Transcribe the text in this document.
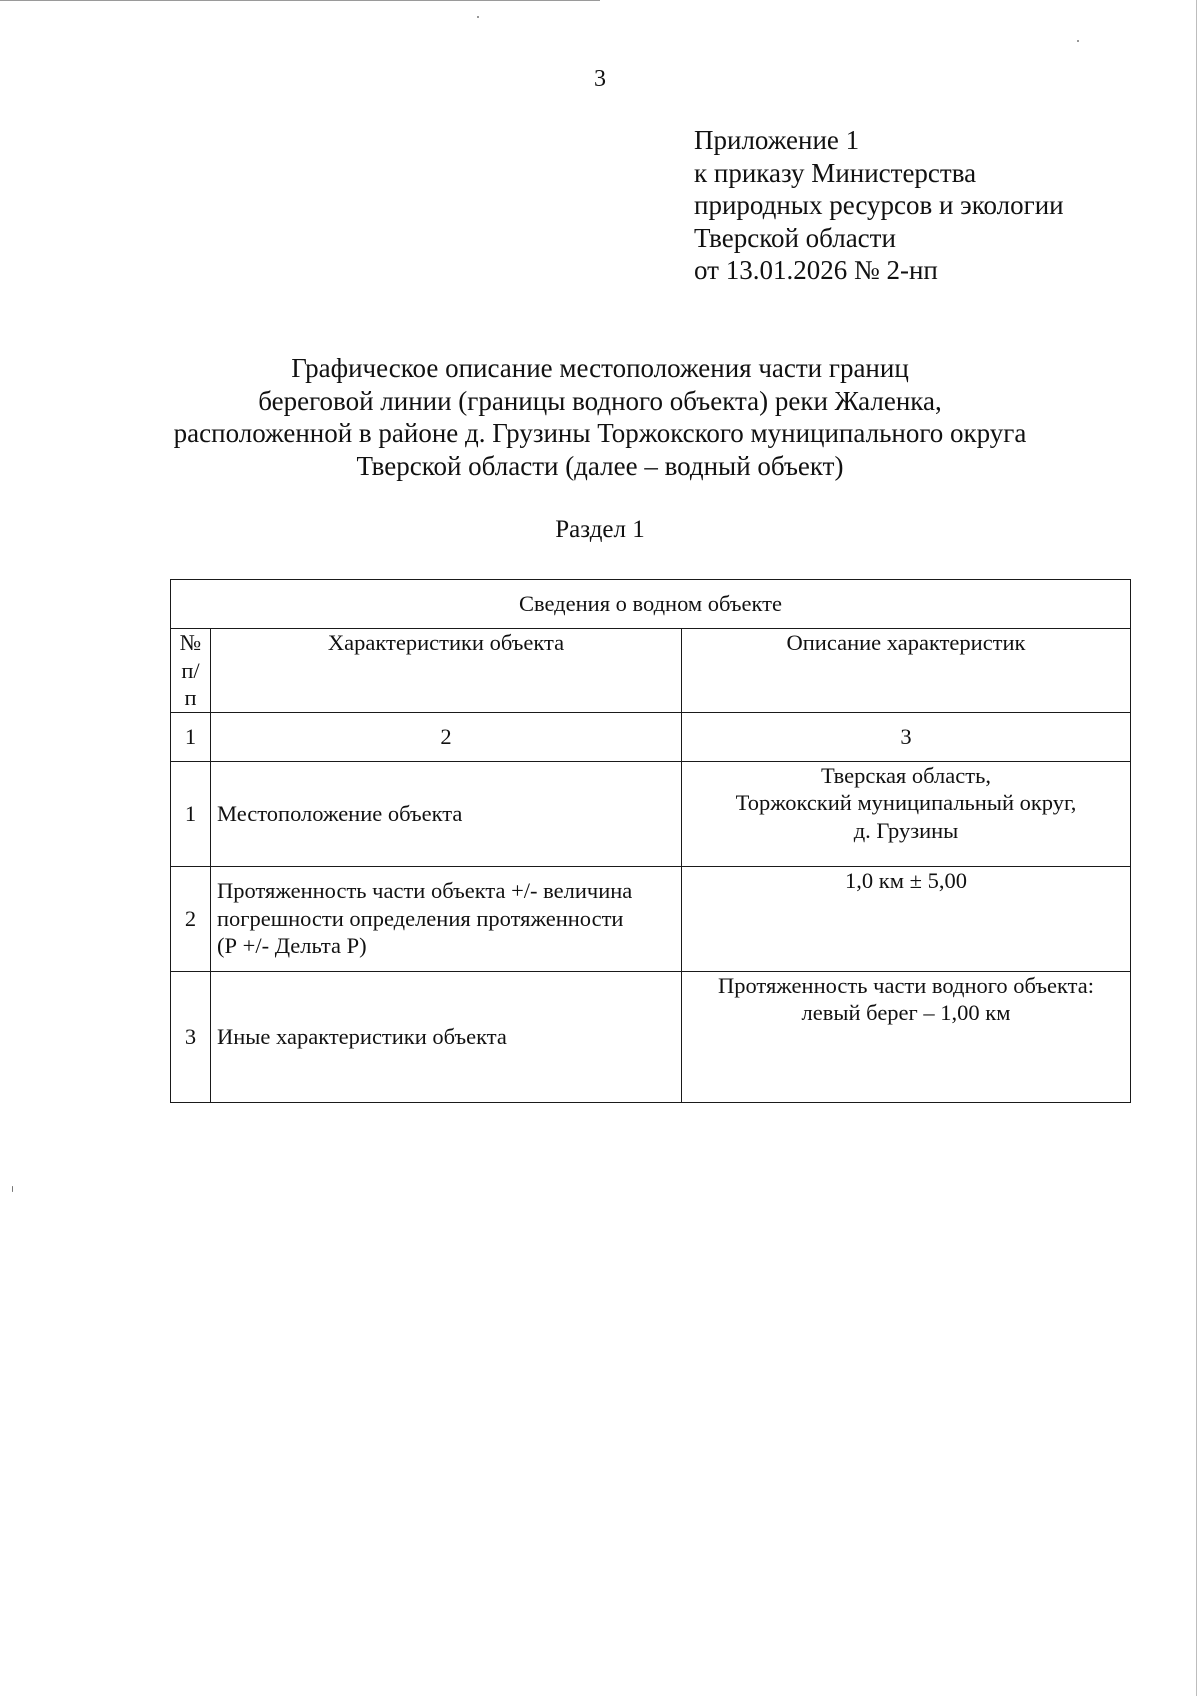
3
Приложение 1
к приказу Министерства
природных ресурсов и экологии
Тверской области
от 13.01.2026 № 2-нп
Графическое описание местоположения части границ
береговой линии (границы водного объекта) реки Жаленка,
расположенной в районе д. Грузины Торжокского муниципального округа
Тверской области (далее – водный объект)
Раздел 1
Сведения о водном объекте		
№
п/п	Характеристики объекта	Описание характеристик
1	2	3
1	Местоположение объекта	Тверская область,
Торжокский муниципальный округ,
д. Грузины
2	Протяженность части объекта +/- величина
погрешности определения протяженности
(Р +/- Дельта Р)	1,0 км ± 5,00
3	Иные характеристики объекта	Протяженность части водного объекта:
левый берег – 1,00 км
